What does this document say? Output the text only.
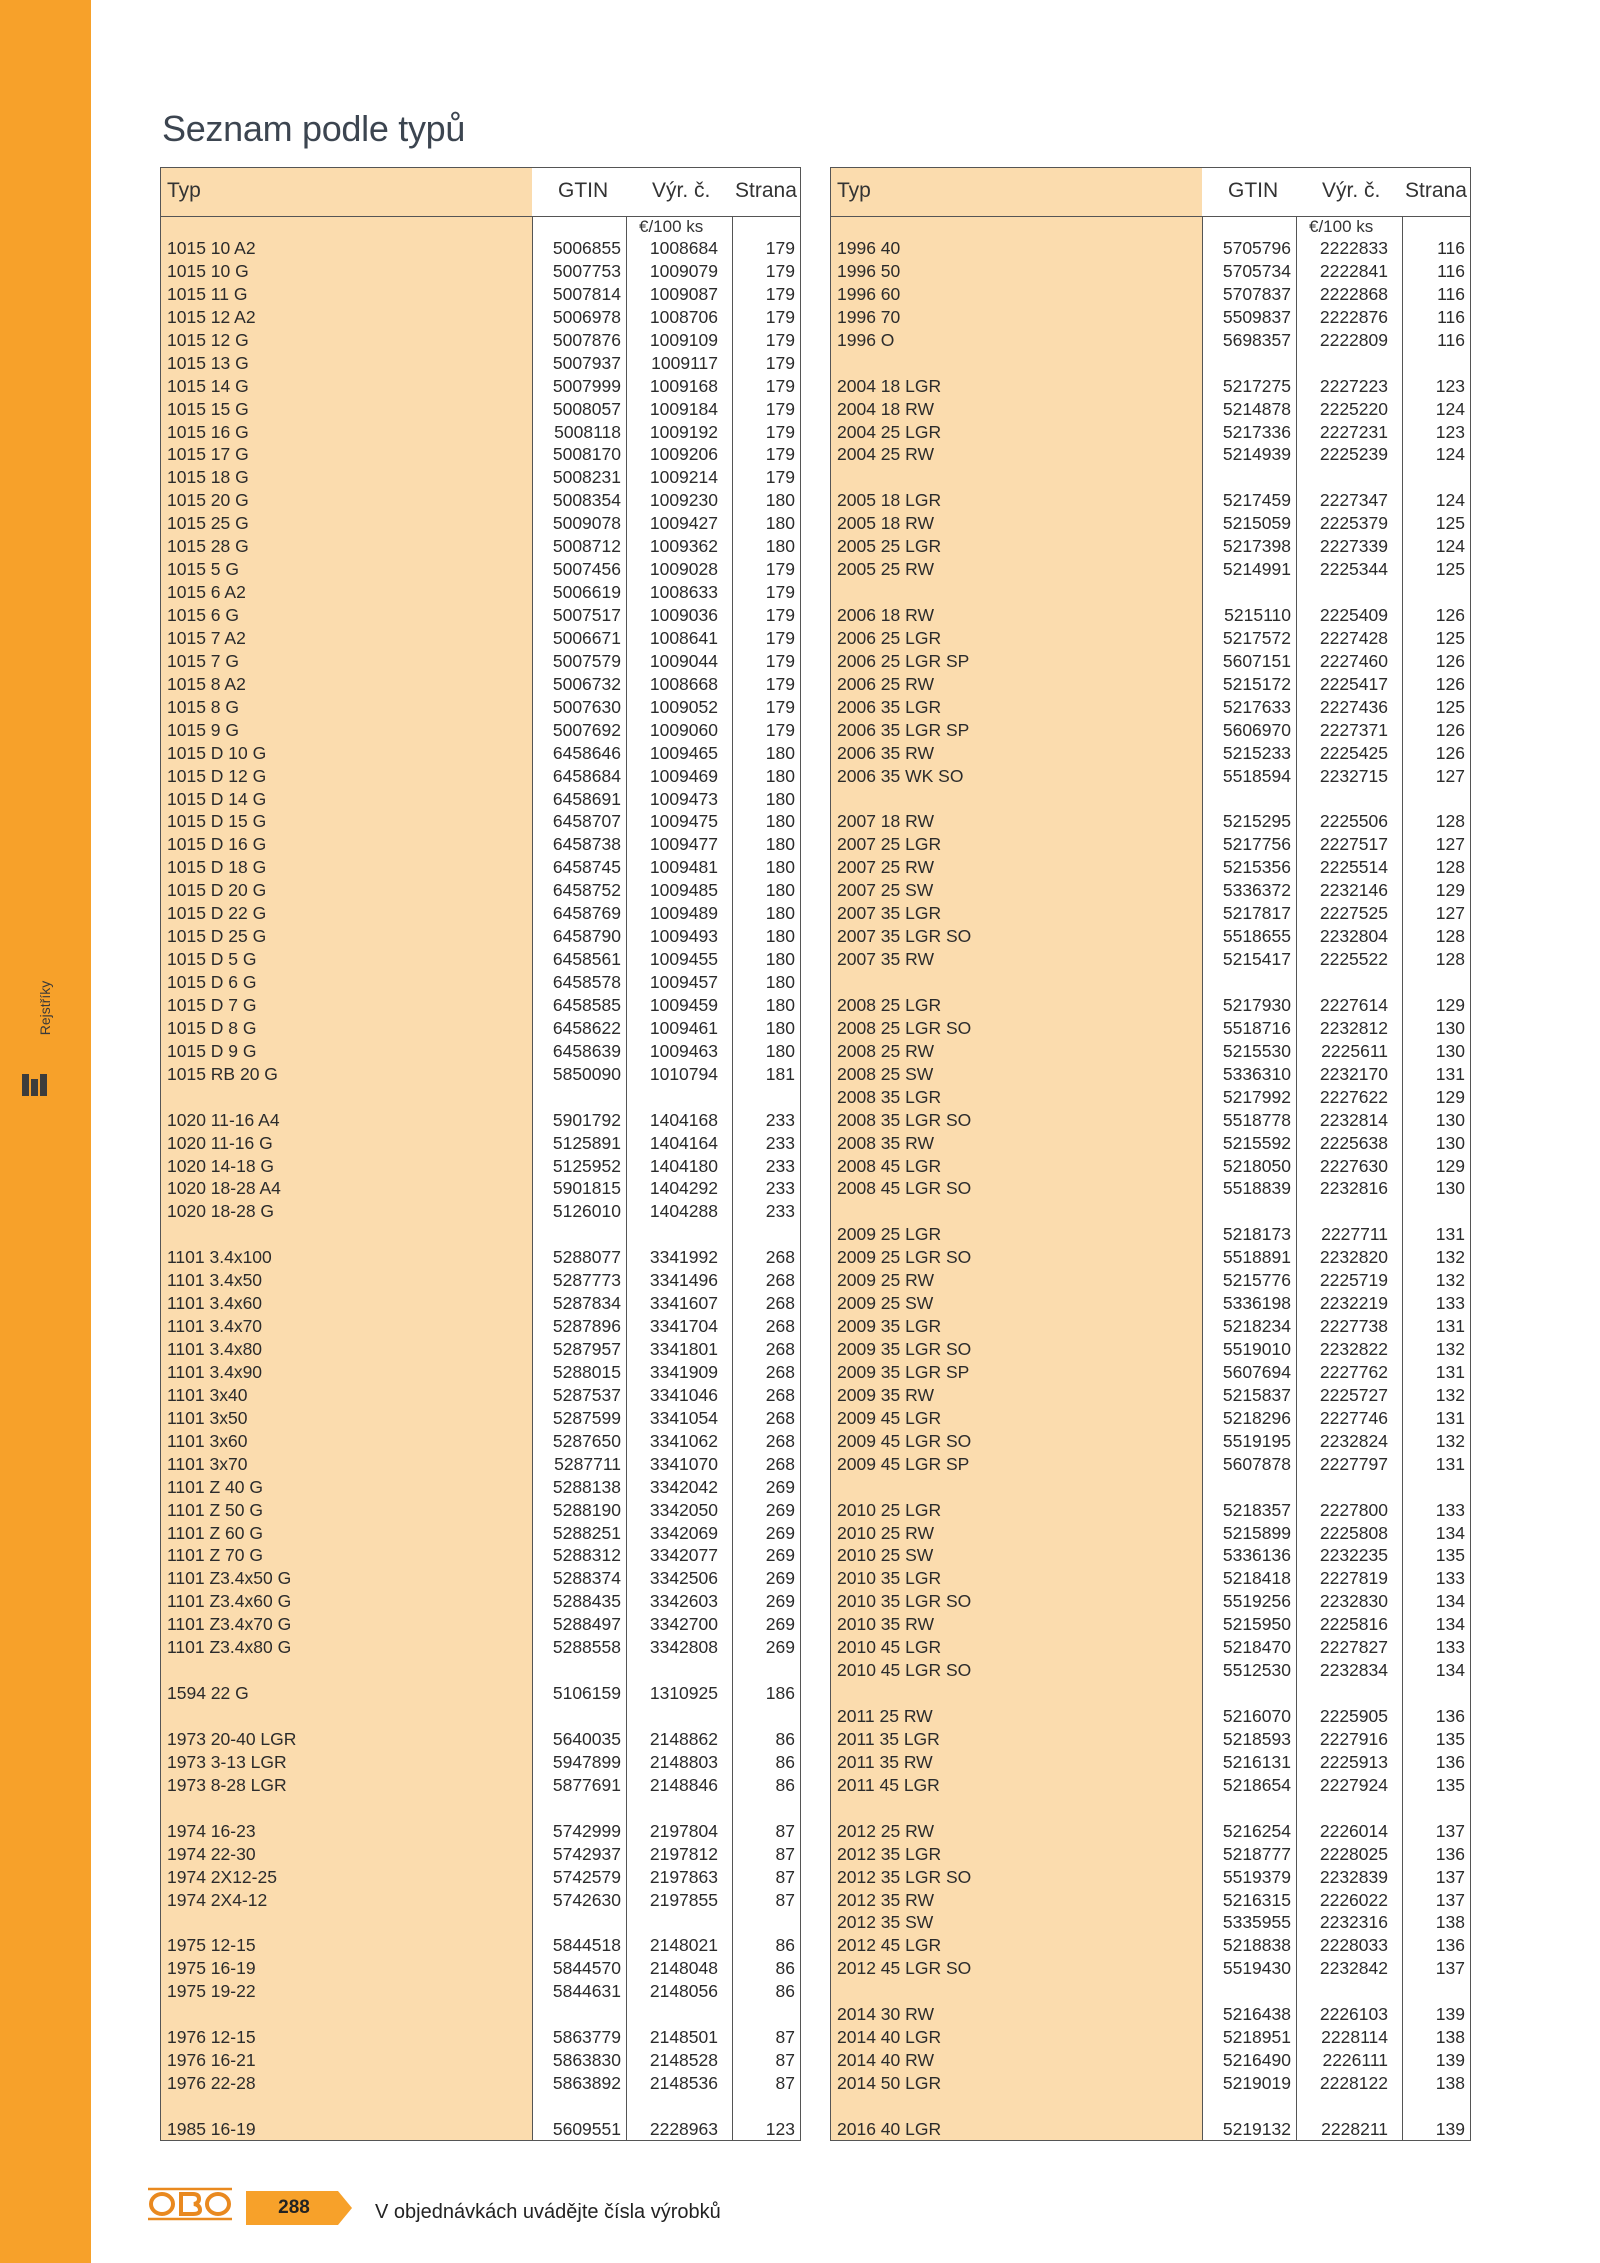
Rejstříky
Seznam podle typů
Typ	GTIN Výr. č. Strana
€/100 ks
1015 10 A2	5006855 1008684	179
1015 10 G	5007753 1009079	179
1015 11 G	5007814 1009087	179
1015 12 A2	5006978 1008706	179
1015 12 G	5007876 1009109	179
1015 13 G	5007937 1009117	179
1015 14 G	5007999 1009168	179
1015 15 G	5008057 1009184	179
1015 16 G	5008118 1009192	179
1015 17 G	5008170 1009206	179
1015 18 G	5008231 1009214	179
1015 20 G	5008354 1009230	180
1015 25 G	5009078 1009427	180
1015 28 G	5008712 1009362	180
1015 5 G	5007456 1009028	179
1015 6 A2	5006619 1008633	179
1015 6 G	5007517 1009036	179
1015 7 A2	5006671 1008641	179
1015 7 G	5007579 1009044	179
1015 8 A2	5006732 1008668	179
1015 8 G	5007630 1009052	179
1015 9 G	5007692 1009060	179
1015 D 10 G	6458646 1009465	180
1015 D 12 G	6458684 1009469	180
1015 D 14 G	6458691 1009473	180
1015 D 15 G	6458707 1009475	180
1015 D 16 G	6458738 1009477	180
1015 D 18 G	6458745 1009481	180
1015 D 20 G	6458752 1009485	180
1015 D 22 G	6458769 1009489	180
1015 D 25 G	6458790 1009493	180
1015 D 5 G	6458561 1009455	180
1015 D 6 G	6458578 1009457	180
1015 D 7 G	6458585 1009459	180
1015 D 8 G	6458622 1009461	180
1015 D 9 G	6458639 1009463	180
1015 RB 20 G	5850090 1010794	181
1020 11-16 A4	5901792 1404168	233
1020 11-16 G	5125891 1404164	233
1020 14-18 G	5125952 1404180	233
1020 18-28 A4	5901815 1404292	233
1020 18-28 G	5126010 1404288	233
1101 3.4x100	5288077 3341992	268
1101 3.4x50	5287773 3341496	268
1101 3.4x60	5287834 3341607	268
1101 3.4x70	5287896 3341704	268
1101 3.4x80	5287957 3341801	268
1101 3.4x90	5288015 3341909	268
1101 3x40	5287537 3341046	268
1101 3x50	5287599 3341054	268
1101 3x60	5287650 3341062	268
1101 3x70	5287711 3341070	268
1101 Z 40 G	5288138 3342042	269
1101 Z 50 G	5288190 3342050	269
1101 Z 60 G	5288251 3342069	269
1101 Z 70 G	5288312 3342077	269
1101 Z3.4x50 G	5288374 3342506	269
1101 Z3.4x60 G	5288435 3342603	269
1101 Z3.4x70 G	5288497 3342700	269
1101 Z3.4x80 G	5288558 3342808	269
1594 22 G	5106159 1310925	186
1973 20-40 LGR	5640035 2148862	86
1973 3-13 LGR	5947899 2148803	86
1973 8-28 LGR	5877691 2148846	86
1974 16-23	5742999 2197804	87
1974 22-30	5742937 2197812	87
1974 2X12-25	5742579 2197863	87
1974 2X4-12	5742630 2197855	87
1975 12-15	5844518 2148021	86
1975 16-19	5844570 2148048	86
1975 19-22	5844631 2148056	86
1976 12-15	5863779 2148501	87
1976 16-21	5863830 2148528	87
1976 22-28	5863892 2148536	87
1985 16-19	5609551 2228963	123
Typ	GTIN Výr. č. Strana
€/100 ks
1996 40	5705796 2222833	116
1996 50	5705734 2222841	116
1996 60	5707837 2222868	116
1996 70	5509837 2222876	116
1996 O	5698357 2222809	116
2004 18 LGR	5217275 2227223	123
2004 18 RW	5214878 2225220	124
2004 25 LGR	5217336 2227231	123
2004 25 RW	5214939 2225239	124
2005 18 LGR	5217459 2227347	124
2005 18 RW	5215059 2225379	125
2005 25 LGR	5217398 2227339	124
2005 25 RW	5214991 2225344	125
2006 18 RW	5215110 2225409	126
2006 25 LGR	5217572 2227428	125
2006 25 LGR SP	5607151 2227460	126
2006 25 RW	5215172 2225417	126
2006 35 LGR	5217633 2227436	125
2006 35 LGR SP	5606970 2227371	126
2006 35 RW	5215233 2225425	126
2006 35 WK SO	5518594 2232715	127
2007 18 RW	5215295 2225506	128
2007 25 LGR	5217756 2227517	127
2007 25 RW	5215356 2225514	128
2007 25 SW	5336372 2232146	129
2007 35 LGR	5217817 2227525	127
2007 35 LGR SO	5518655 2232804	128
2007 35 RW	5215417 2225522	128
2008 25 LGR	5217930 2227614	129
2008 25 LGR SO	5518716 2232812	130
2008 25 RW	5215530 2225611	130
2008 25 SW	5336310 2232170	131
2008 35 LGR	5217992 2227622	129
2008 35 LGR SO	5518778 2232814	130
2008 35 RW	5215592 2225638	130
2008 45 LGR	5218050 2227630	129
2008 45 LGR SO	5518839 2232816	130
2009 25 LGR	5218173 2227711	131
2009 25 LGR SO	5518891 2232820	132
2009 25 RW	5215776 2225719	132
2009 25 SW	5336198 2232219	133
2009 35 LGR	5218234 2227738	131
2009 35 LGR SO	5519010 2232822	132
2009 35 LGR SP	5607694 2227762	131
2009 35 RW	5215837 2225727	132
2009 45 LGR	5218296 2227746	131
2009 45 LGR SO	5519195 2232824	132
2009 45 LGR SP	5607878 2227797	131
2010 25 LGR	5218357 2227800	133
2010 25 RW	5215899 2225808	134
2010 25 SW	5336136 2232235	135
2010 35 LGR	5218418 2227819	133
2010 35 LGR SO	5519256 2232830	134
2010 35 RW	5215950 2225816	134
2010 45 LGR	5218470 2227827	133
2010 45 LGR SO	5512530 2232834	134
2011 25 RW	5216070 2225905	136
2011 35 LGR	5218593 2227916	135
2011 35 RW	5216131 2225913	136
2011 45 LGR	5218654 2227924	135
2012 25 RW	5216254 2226014	137
2012 35 LGR	5218777 2228025	136
2012 35 LGR SO	5519379 2232839	137
2012 35 RW	5216315 2226022	137
2012 35 SW	5335955 2232316	138
2012 45 LGR	5218838 2228033	136
2012 45 LGR SO	5519430 2232842	137
2014 30 RW	5216438 2226103	139
2014 40 LGR	5218951 2228114	138
2014 40 RW	5216490 2226111	139
2014 50 LGR	5219019 2228122	138
2016 40 LGR	5219132 2228211	139
288	V objednávkách uvádějte čísla výrobků
